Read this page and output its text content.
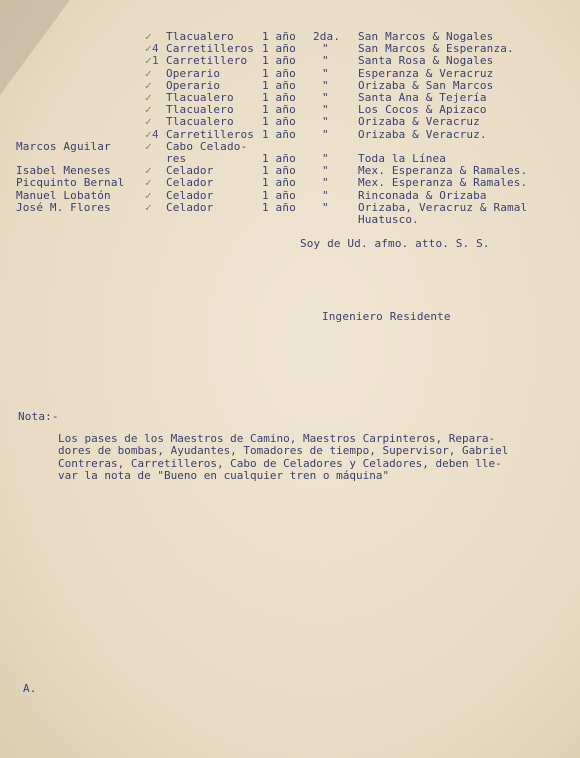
✓ Tlacualero	1 año 2da. San Marcos & Nogales
✓ 4 Carretilleros 1 año "	San Marcos & Esperanza.
✓ 1 Carretillero 1 año "	Santa Rosa & Nogales
✓ Operario	1 año "	Esperanza & Veracruz
✓ Operario	1 año "	Orizaba & San Marcos
✓ Tlacualero	1 año "	Santa Ana & Tejería
✓ Tlacualero	1 año "	Los Cocos & Apizaco
✓ Tlacualero	1 año "	Orizaba & Veracruz
✓ 4 Carretilleros 1 año "	Orizaba & Veracruz.
Marcos Aguilar	✓ Cabo Celado-
res	1 año "	Toda la Línea
Isabel Meneses	✓ Celador	1 año "	Mex. Esperanza & Ramales.
Picquinto Bernal ✓ Celador	1 año "	Mex. Esperanza & Ramales.
Manuel Lobatón	✓ Celador	1 año "	Rinconada & Orizaba
José M. Flores	✓ Celador	1 año "	Orizaba, Veracruz & Ramal
Huatusco.
Soy de Ud. afmo. atto. S. S.
Ingeniero Residente
Nota:-
Los pases de los Maestros de Camino, Maestros Carpinteros, Repara-
dores de bombas, Ayudantes, Tomadores de tiempo, Supervisor, Gabriel
Contreras, Carretilleros, Cabo de Celadores y Celadores, deben lle-
var la nota de "Bueno en cualquier tren o máquina"
A.
